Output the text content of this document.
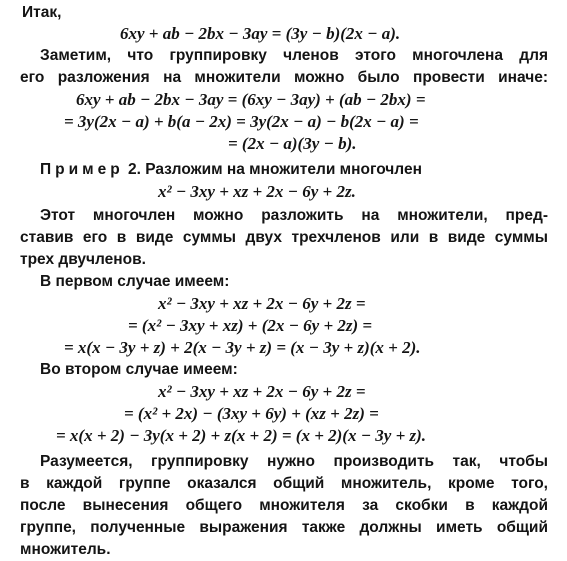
Итак,
6xy + ab − 2bx − 3ay = (3y − b)(2x − a).
Заметим, что группировку членов этого многочлена для
его разложения на множители можно было провести иначе:
6xy + ab − 2bx − 3ay = (6xy − 3ay) + (ab − 2bx) =
= 3y(2x − a) + b(a − 2x) = 3y(2x − a) − b(2x − a) =
= (2x − a)(3y − b).
Пример 2. Разложим на множители многочлен
x² − 3xy + xz + 2x − 6y + 2z.
Этот многочлен можно разложить на множители, пред-
ставив его в виде суммы двух трехчленов или в виде суммы
трех двучленов.
В первом случае имеем:
x² − 3xy + xz + 2x − 6y + 2z =
= (x² − 3xy + xz) + (2x − 6y + 2z) =
= x(x − 3y + z) + 2(x − 3y + z) = (x − 3y + z)(x + 2).
Во втором случае имеем:
x² − 3xy + xz + 2x − 6y + 2z =
= (x² + 2x) − (3xy + 6y) + (xz + 2z) =
= x(x + 2) − 3y(x + 2) + z(x + 2) = (x + 2)(x − 3y + z).
Разумеется, группировку нужно производить так, чтобы
в каждой группе оказался общий множитель, кроме того,
после вынесения общего множителя за скобки в каждой
группе, полученные выражения также должны иметь общий
множитель.
